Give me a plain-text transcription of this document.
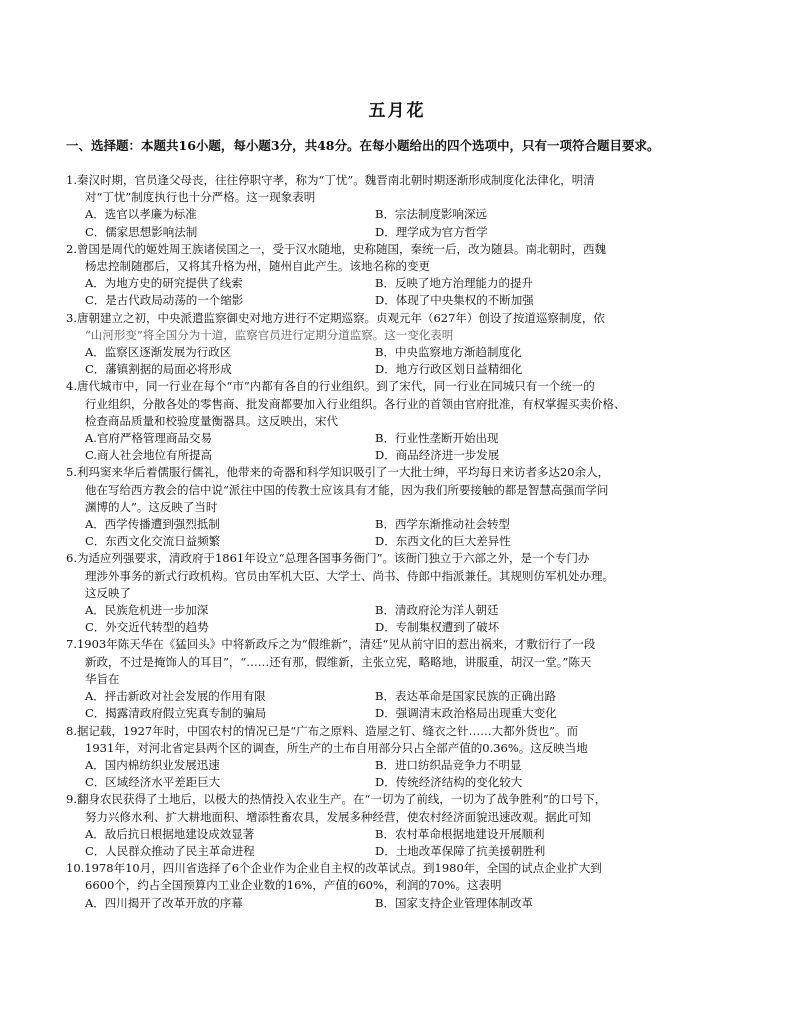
五月花
一、选择题：本题共16小题，每小题3分，共48分。在每小题给出的四个选项中，只有一项符合题目要求。
1.秦汉时期，官员逢父母丧，往往停职守孝，称为“丁忧”。魏晋南北朝时期逐渐形成制度化法律化，明清
对“丁忧”制度执行也十分严格。这一现象表明
A．选官以孝廉为标准	B．宗法制度影响深远
C．儒家思想影响法制	D．理学成为官方哲学
2.曾国是周代的姬姓周王族诸侯国之一，受于汉水随地，史称随国，秦统一后，改为随县。南北朝时，西魏
杨忠控制随郡后，又将其升格为州，随州自此产生。该地名称的变更
A．为地方史的研究提供了线索	B．反映了地方治理能力的提升
C．是古代政局动荡的一个缩影	D．体现了中央集权的不断加强
3.唐朝建立之初，中央派遣监察御史对地方进行不定期巡察。贞观元年（627年）创设了按道巡察制度，依
“山河形变”将全国分为十道，监察官员进行定期分道监察。这一变化表明
A．监察区逐渐发展为行政区	B．中央监察地方渐趋制度化
C．藩镇割据的局面必将形成	D．地方行政区划日益精细化
4.唐代城市中，同一行业在每个“市”内都有各自的行业组织。到了宋代，同一行业在同城只有一个统一的
行业组织，分散各处的零售商、批发商都要加入行业组织。各行业的首领由官府批准，有权掌握买卖价格、
检查商品质量和校验度量衡器具。这反映出，宋代
A.官府严格管理商品交易	B．行业性垄断开始出现
C.商人社会地位有所提高	D．商品经济进一步发展
5.利玛窦来华后着儒服行儒礼，他带来的奇器和科学知识吸引了一大批士绅，平均每日来访者多达20余人，
他在写给西方教会的信中说“派往中国的传教士应该具有才能，因为我们所要接触的都是智慧高强而学问
渊博的人”。这反映了当时
A．西学传播遭到强烈抵制	B．西学东渐推动社会转型
C．东西文化交流日益频繁	D．东西文化的巨大差异性
6.为适应列强要求，清政府于1861年设立“总理各国事务衙门”。该衙门独立于六部之外，是一个专门办
理涉外事务的新式行政机构。官员由军机大臣、大学士、尚书、侍郎中指派兼任。其规则仿军机处办理。
这反映了
A．民族危机进一步加深	B．清政府沦为洋人朝廷
C．外交近代转型的趋势	D．专制集权遭到了破坏
7.1903年陈天华在《猛回头》中将新政斥之为“假维新”，清廷“见从前守旧的惹出祸来，才敷衍行了一段
新政，不过是掩饰人的耳目”，“……还有那，假维新，主张立宪，略略地，讲服重，胡汉一堂。”陈天
华旨在
A．抨击新政对社会发展的作用有限	B．表达革命是国家民族的正确出路
C．揭露清政府假立宪真专制的骗局	D．强调清末政治格局出现重大变化
8.据记载，1927年时，中国农村的情况已是“广布之原料、造屋之钉、缝衣之针……大都外货也”。而
1931年，对河北省定县两个区的调查，所生产的土布自用部分只占全部产值的0.36%。这反映当地
A．国内棉纺织业发展迅速	B．进口纺织品竞争力不明显
C．区域经济水平差距巨大	D．传统经济结构的变化较大
9.翻身农民获得了土地后，以极大的热情投入农业生产。在“一切为了前线，一切为了战争胜利”的口号下，
努力兴修水利、扩大耕地面积、增添牲畜农具，发展多种经营，使农村经济面貌迅速改观。据此可知
A．敌后抗日根据地建设成效显著	B．农村革命根据地建设开展顺利
C．人民群众推动了民主革命进程	D．土地改革保障了抗美援朝胜利
10.1978年10月，四川省选择了6个企业作为企业自主权的改革试点。到1980年，全国的试点企业扩大到
6600个，约占全国预算内工业企业数的16%，产值的60%，利润的70%。这表明
A．四川揭开了改革开放的序幕	B．国家支持企业管理体制改革
